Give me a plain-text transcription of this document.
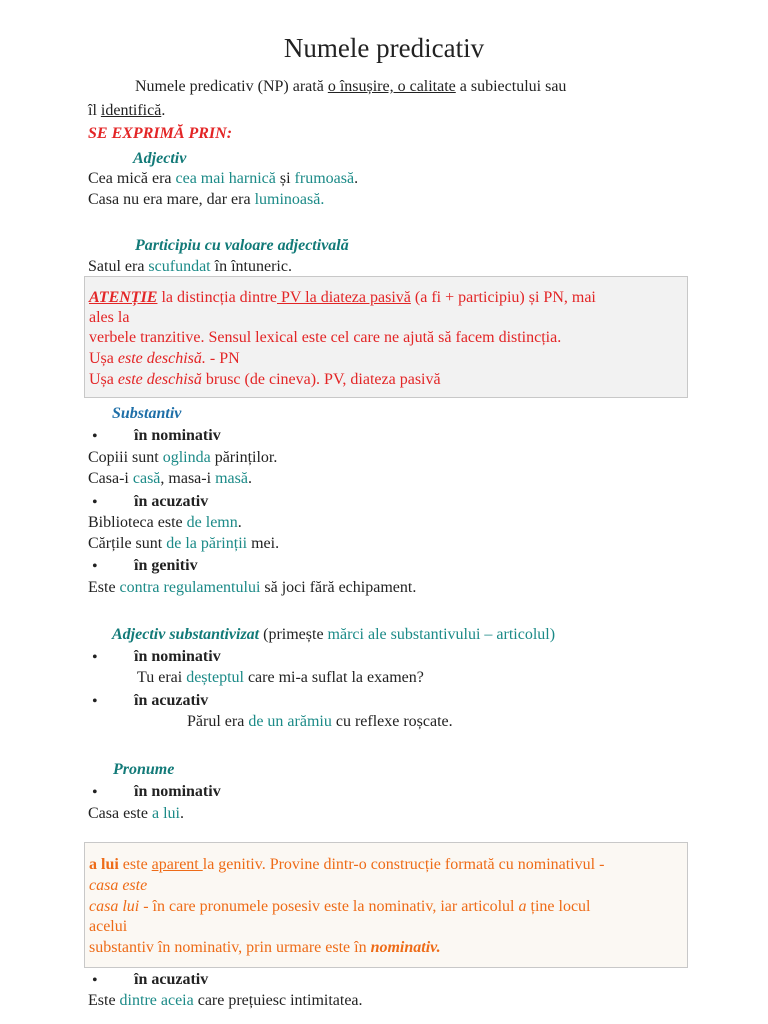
Numele predicativ
Numele predicativ (NP) arată o însușire, o calitate a subiectului sau
îl identifică.
SE EXPRIMĂ PRIN:
Adjectiv
Cea mică era cea mai harnică și frumoasă.
Casa nu era mare, dar era luminoasă.
Participiu cu valoare adjectivală
Satul era scufundat în întuneric.
ATENȚIE la distincția dintre PV la diateza pasivă (a fi + participiu) și PN, mai
ales la
verbele tranzitive. Sensul lexical este cel care ne ajută să facem distincția.
Ușa este deschisă. - PN
Ușa este deschisă brusc (de cineva). PV, diateza pasivă
Substantiv
• în nominativ
Copiii sunt oglinda părinților.
Casa-i casă, masa-i masă.
• în acuzativ
Biblioteca este de lemn.
Cărțile sunt de la părinții mei.
• în genitiv
Este contra regulamentului să joci fără echipament.
Adjectiv substantivizat (primește mărci ale substantivului – articolul)
• în nominativ
Tu erai deșteptul care mi-a suflat la examen?
• în acuzativ
Părul era de un arămiu cu reflexe roșcate.
Pronume
• în nominativ
Casa este a lui.
a lui este aparent la genitiv. Provine dintr-o construcție formată cu nominativul -
casa este
casa lui - în care pronumele posesiv este la nominativ, iar articolul a ține locul
acelui
substantiv în nominativ, prin urmare este în nominativ.
• în acuzativ
Este dintre aceia care prețuiesc intimitatea.
